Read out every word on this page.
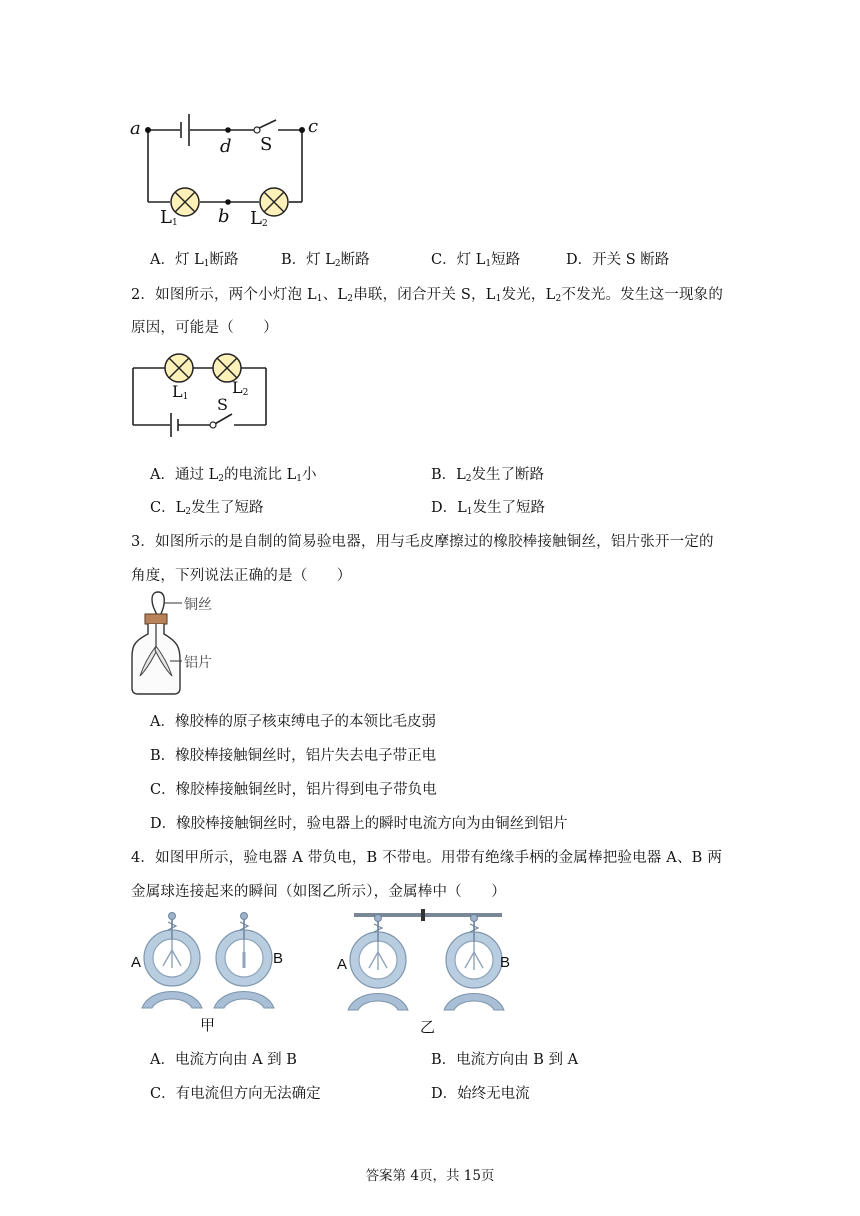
a
d S
c
b
$L_1$	$L_2$
A．灯 $L_1$断路	B．灯 $L_2$断路	C．灯 $L_1$短路	D．开关 S 断路
2．如图所示，两个小灯泡 $L_1$、$L_2$串联，闭合开关 S，$L_1$发光，$L_2$不发光。发生这一现象的
原因，可能是（　　）
$L_1$	$L_2$
S
A．通过 $L_2$的电流比 $L_1$小	B．$L_2$发生了断路
C．$L_2$发生了短路	D．$L_1$发生了短路
3．如图所示的是自制的简易验电器，用与毛皮摩擦过的橡胶棒接触铜丝，铝片张开一定的
角度，下列说法正确的是（　　）
铜丝
铝片
A．橡胶棒的原子核束缚电子的本领比毛皮弱
B．橡胶棒接触铜丝时，铝片失去电子带正电
C．橡胶棒接触铜丝时，铝片得到电子带负电
D．橡胶棒接触铜丝时，验电器上的瞬时电流方向为由铜丝到铝片
4．如图甲所示，验电器 A 带负电，B 不带电。用带有绝缘手柄的金属棒把验电器 A、B 两
金属球连接起来的瞬间（如图乙所示），金属棒中（　　）
A	B	A	B
甲	乙
A．电流方向由 A 到 B	B．电流方向由 B 到 A
C．有电流但方向无法确定	D．始终无电流
答案第 4页，共 15页
